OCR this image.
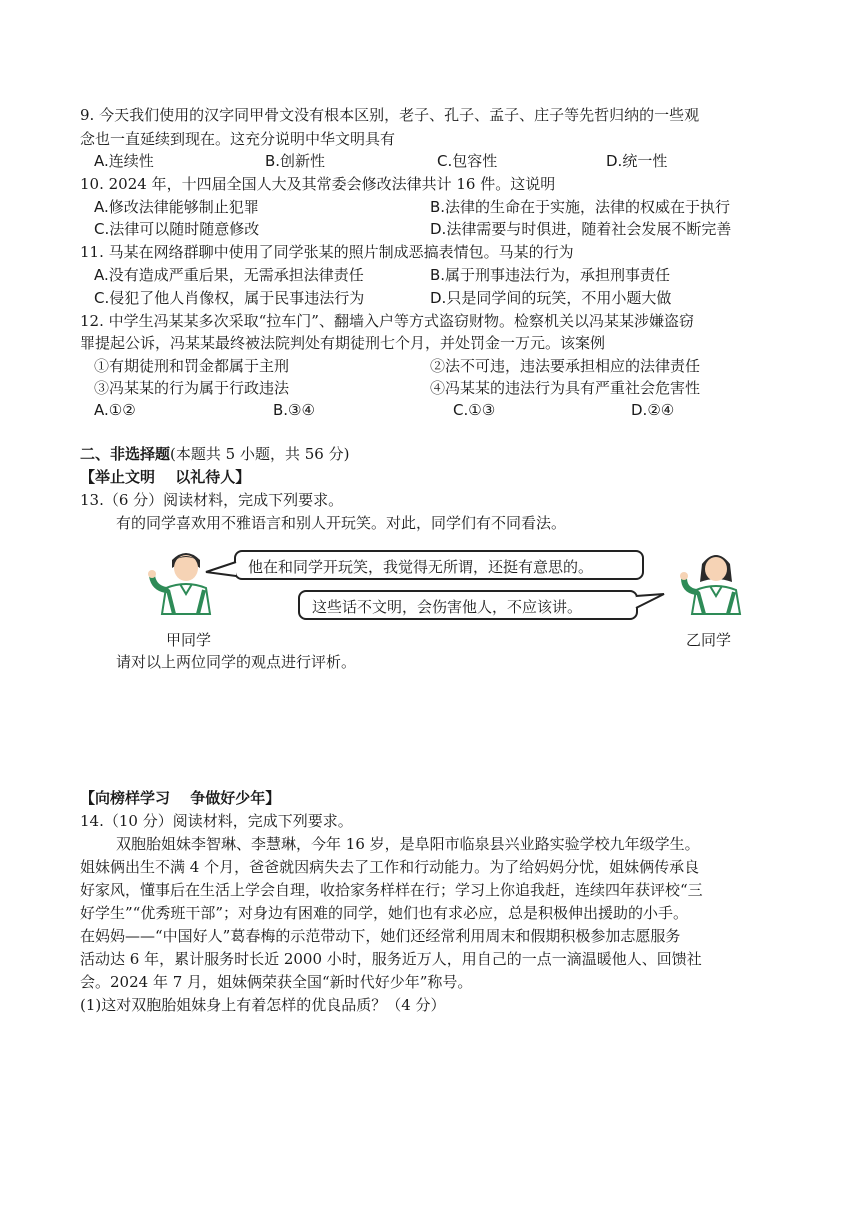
9. 今天我们使用的汉字同甲骨文没有根本区别，老子、孔子、孟子、庄子等先哲归纳的一些观
念也一直延续到现在。这充分说明中华文明具有
A.连续性	B.创新性	C.包容性	D.统一性
10. 2024 年，十四届全国人大及其常委会修改法律共计 16 件。这说明
A.修改法律能够制止犯罪	B.法律的生命在于实施，法律的权威在于执行
C.法律可以随时随意修改	D.法律需要与时俱进，随着社会发展不断完善
11. 马某在网络群聊中使用了同学张某的照片制成恶搞表情包。马某的行为
A.没有造成严重后果，无需承担法律责任	B.属于刑事违法行为，承担刑事责任
C.侵犯了他人肖像权，属于民事违法行为	D.只是同学间的玩笑，不用小题大做
12. 中学生冯某某多次采取“拉车门”、翻墙入户等方式盗窃财物。检察机关以冯某某涉嫌盗窃
罪提起公诉，冯某某最终被法院判处有期徒刑七个月，并处罚金一万元。该案例
①有期徒刑和罚金都属于主刑	②法不可违，违法要承担相应的法律责任
③冯某某的行为属于行政违法	④冯某某的违法行为具有严重社会危害性
A.①②	B.③④	C.①③	D.②④
二、非选择题(本题共 5 小题，共 56 分)
【举止文明　 以礼待人】
13.（6 分）阅读材料，完成下列要求。
有的同学喜欢用不雅语言和别人开玩笑。对此，同学们有不同看法。
他在和同学开玩笑，我觉得无所谓，还挺有意思的。
这些话不文明，会伤害他人，不应该讲。
甲同学	乙同学
请对以上两位同学的观点进行评析。
【向榜样学习　 争做好少年】
14.（10 分）阅读材料，完成下列要求。
双胞胎姐妹李智琳、李慧琳，今年 16 岁，是阜阳市临泉县兴业路实验学校九年级学生。
姐妹俩出生不满 4 个月，爸爸就因病失去了工作和行动能力。为了给妈妈分忧，姐妹俩传承良
好家风，懂事后在生活上学会自理，收拾家务样样在行；学习上你追我赶，连续四年获评校“三
好学生”“优秀班干部”；对身边有困难的同学，她们也有求必应，总是积极伸出援助的小手。
在妈妈——“中国好人”葛春梅的示范带动下，她们还经常利用周末和假期积极参加志愿服务
活动达 6 年，累计服务时长近 2000 小时，服务近万人，用自己的一点一滴温暖他人、回馈社
会。2024 年 7 月，姐妹俩荣获全国“新时代好少年”称号。
(1)这对双胞胎姐妹身上有着怎样的优良品质？（4 分）
